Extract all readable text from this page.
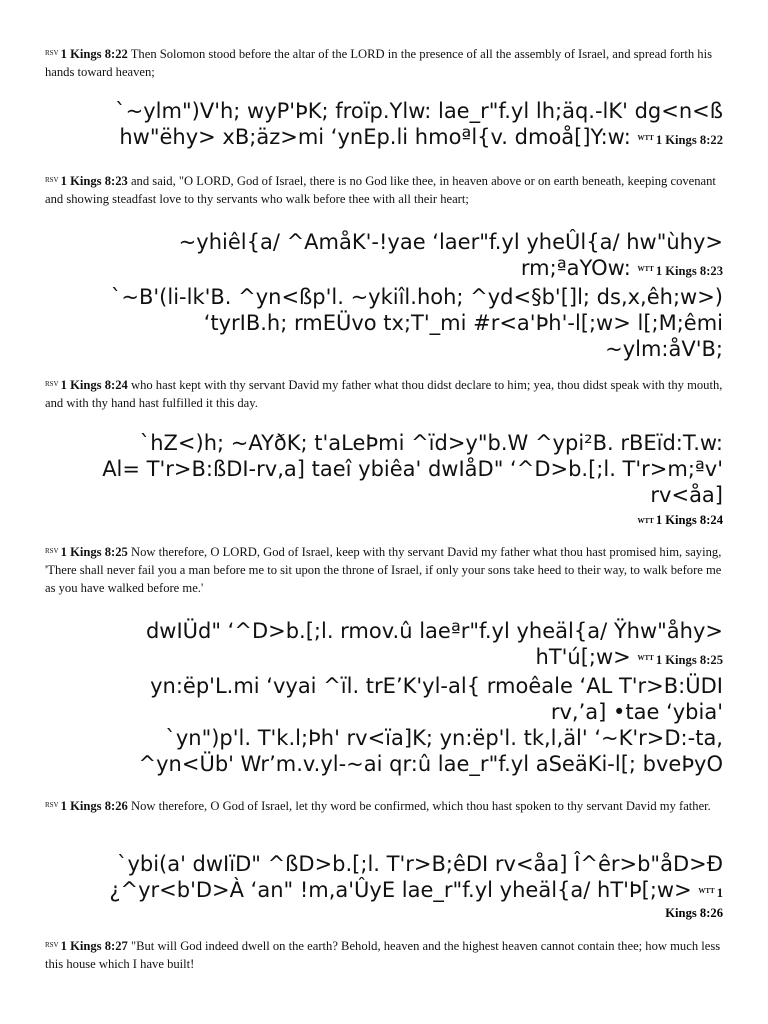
$^{RSV}$ 1 Kings 8:22 Then Solomon stood before the altar of the LORD in the presence of all the assembly of Israel, and spread forth his hands toward heaven;
`~ylm")V'h; wyP'ÞK; froïp.Ylw: lae_r"f.yl lh;äq.-lK' dg<n<ß
hw"ëhy> xB;äz>mi ‘ynEp.li hmoªl{v. dmoå[]Y:w: $^{WTT}$ 1 Kings 8:22
$^{RSV}$ 1 Kings 8:23 and said, "O LORD, God of Israel, there is no God like thee, in heaven above or on earth beneath, keeping covenant and showing steadfast love to thy servants who walk before thee with all their heart;
~yhiêl{a/ ^AmåK'-!yae ‘laer"f.yl yheÛl{a/ hw"ùhy>
rm;ªaYOw: $^{WTT}$ 1 Kings 8:23
`~B'(li-lk'B. ^yn<ßp'l. ~ykiîl.hoh; ^yd<§b'[]l; ds,x,êh;w>)
‘tyrIB.h; rmEÜvo tx;T'_mi #r<a'Þh'-l[;w> l[;M;êmi
~ylm:åV'B;
$^{RSV}$ 1 Kings 8:24 who hast kept with thy servant David my father what thou didst declare to him; yea, thou didst speak with thy mouth, and with thy hand hast fulfilled it this day.
`hZ<)h; ~AYðK; t'aLeÞmi ^ïd>y"b.W ^ypi²B. rBEïd:T.w:
Al= T'r>B:ßDI-rv,a] taeî ybiêa' dwIåD" ‘^D>b.[;l. T'r>m;ªv'
rv<åa]
$^{WTT}$ 1 Kings 8:24
$^{RSV}$ 1 Kings 8:25 Now therefore, O LORD, God of Israel, keep with thy servant David my father what thou hast promised him, saying, 'There shall never fail you a man before me to sit upon the throne of Israel, if only your sons take heed to their way, to walk before me as you have walked before me.'
dwIÜd" ‘^D>b.[;l. rmov.û laeªr"f.yl yheäl{a/ Ÿhw"åhy>
hT'ú[;w> $^{WTT}$ 1 Kings 8:25
yn:ëp'L.mi ‘vyai ^ïl. trE’K'yl-al{ rmoêale ‘AL T'r>B:ÜDI
rv,’a] •tae ‘ybia'
`yn")p'l. T'k.l;Þh' rv<ïa]K; yn:ëp'l. tk,l,äl' ‘~K'r>D:-ta,
^yn<Üb' Wr’m.v.yl-~ai qr:û lae_r"f.yl aSeäKi-l[; bveÞyO
$^{RSV}$ 1 Kings 8:26 Now therefore, O God of Israel, let thy word be confirmed, which thou hast spoken to thy servant David my father.
`ybi(a' dwIïD" ^ßD>b.[;l. T'r>B;êDI rv<åa] Î^êr>b"åD>Ð
¿^yr<b'D>À ‘an" !m,a'ÛyE lae_r"f.yl yheäl{a/ hT'Þ[;w> $^{WTT}$ 1
Kings 8:26
$^{RSV}$ 1 Kings 8:27 "But will God indeed dwell on the earth? Behold, heaven and the highest heaven cannot contain thee; how much less this house which I have built!
